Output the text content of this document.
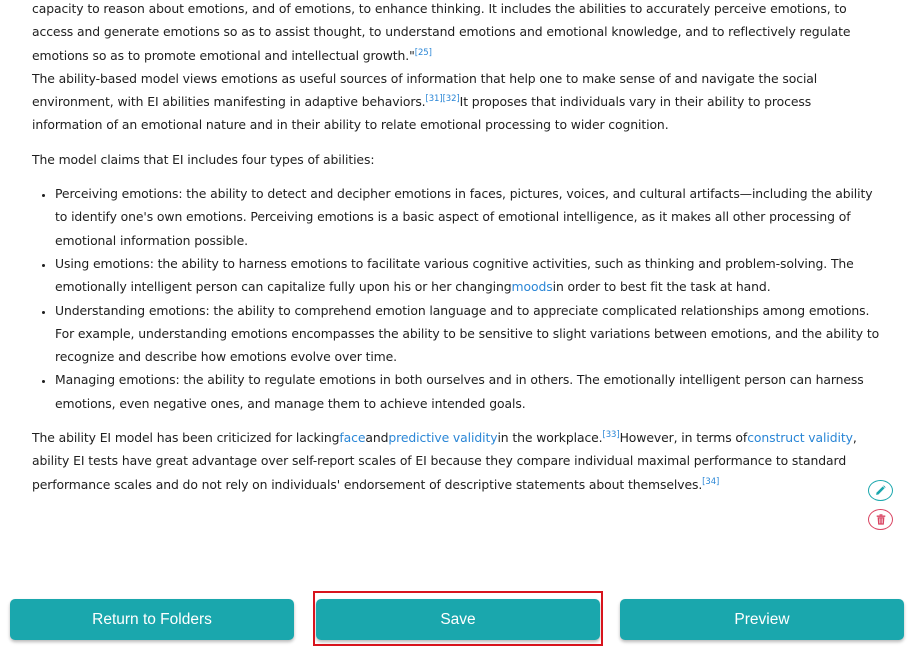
capacity to reason about emotions, and of emotions, to enhance thinking. It includes the abilities to accurately perceive emotions, to access and generate emotions so as to assist thought, to understand emotions and emotional knowledge, and to reflectively regulate emotions so as to promote emotional and intellectual growth."[25]

The ability-based model views emotions as useful sources of information that help one to make sense of and navigate the social environment, with EI abilities manifesting in adaptive behaviors.[31][32]It proposes that individuals vary in their ability to process information of an emotional nature and in their ability to relate emotional processing to wider cognition.

The model claims that EI includes four types of abilities:

• Perceiving emotions: the ability to detect and decipher emotions in faces, pictures, voices, and cultural artifacts—including the ability to identify one's own emotions. Perceiving emotions is a basic aspect of emotional intelligence, as it makes all other processing of emotional information possible.
• Using emotions: the ability to harness emotions to facilitate various cognitive activities, such as thinking and problem-solving. The emotionally intelligent person can capitalize fully upon his or her changingmoodsin order to best fit the task at hand.
• Understanding emotions: the ability to comprehend emotion language and to appreciate complicated relationships among emotions. For example, understanding emotions encompasses the ability to be sensitive to slight variations between emotions, and the ability to recognize and describe how emotions evolve over time.
• Managing emotions: the ability to regulate emotions in both ourselves and in others. The emotionally intelligent person can harness emotions, even negative ones, and manage them to achieve intended goals.

The ability EI model has been criticized for lackingfaceandpredictive validityin the workplace.[33]However, in terms ofconstruct validity, ability EI tests have great advantage over self-report scales of EI because they compare individual maximal performance to standard performance scales and do not rely on individuals' endorsement of descriptive statements about themselves.[34]

Return to Folders	Save	Preview
